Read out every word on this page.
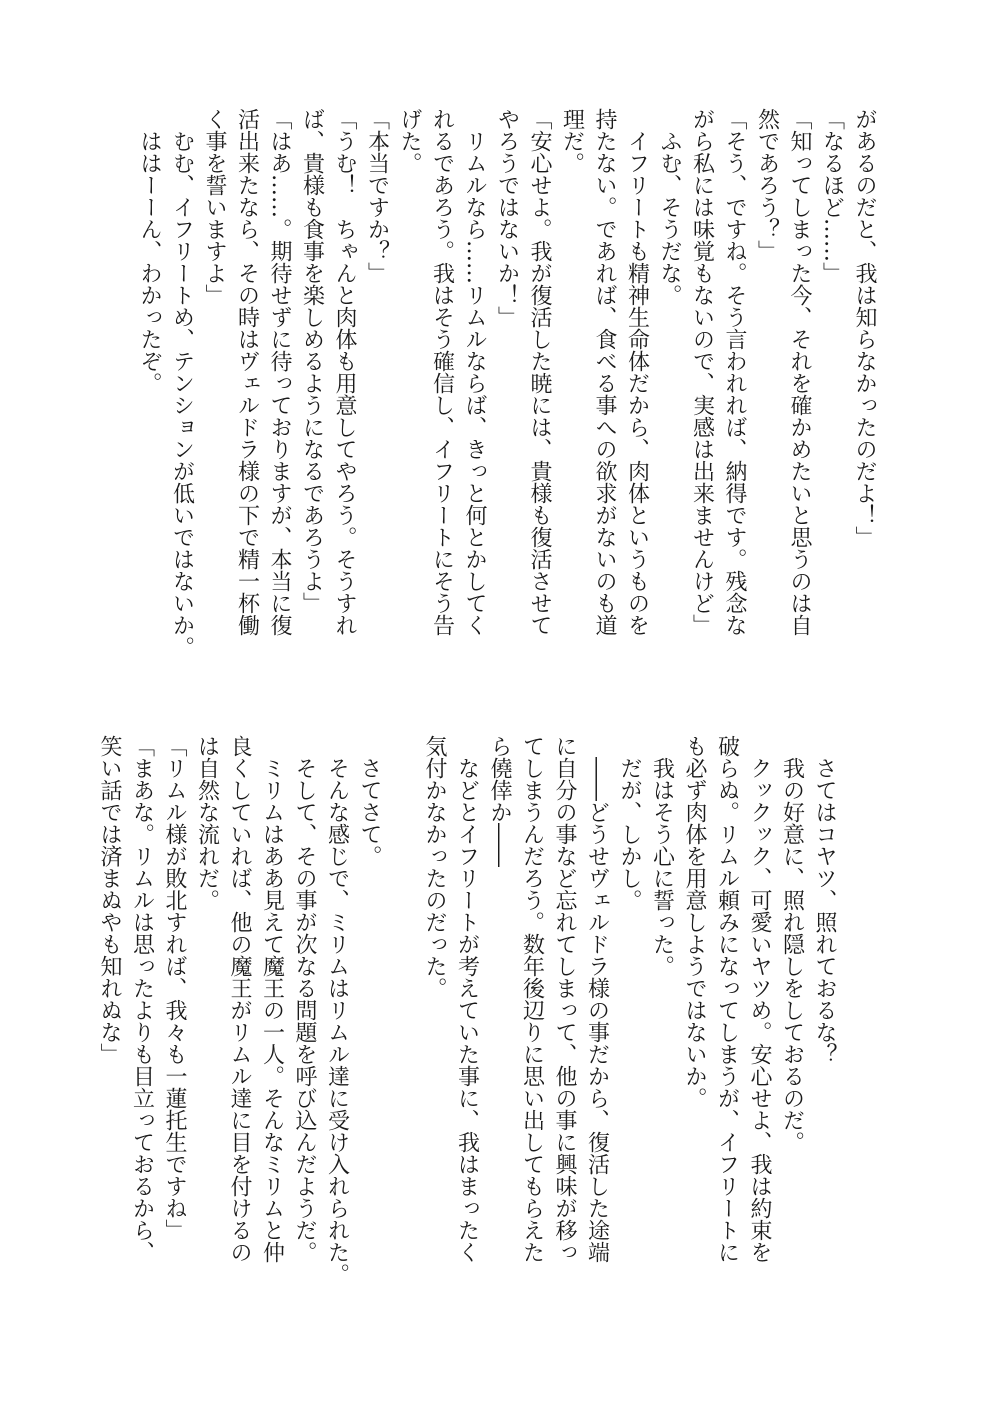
があるのだと、我は知らなかったのだよ！」

「なるほど……」

「知ってしまった今、それを確かめたいと思うのは自

然であろう？」

「そう、ですね。そう言われれば、納得です。残念な

がら私には味覚もないので、実感は出来ませんけど」

　ふむ、そうだな。

　イフリートも精神生命体だから、肉体というものを

持たない。であれば、食べる事への欲求がないのも道

理だ。

「安心せよ。我が復活した暁には、貴様も復活させて

やろうではないか！」

　リムルなら……リムルならば、きっと何とかしてく

れるであろう。我はそう確信し、イフリートにそう告

げた。

「本当ですか？」

「うむ！　ちゃんと肉体も用意してやろう。そうすれ

ば、貴様も食事を楽しめるようになるであろうよ」

「はあ……。期待せずに待っておりますが、本当に復

活出来たなら、その時はヴェルドラ様の下で精一杯働

く事を誓いますよ」

　むむ、イフリートめ、テンションが低いではないか。

　ははーーん、わかったぞ。

　さてはコヤツ、照れておるな？

　我の好意に、照れ隠しをしておるのだ。

　クックック、可愛いヤツめ。安心せよ、我は約束を

破らぬ。リムル頼みになってしまうが、イフリートに

も必ず肉体を用意しようではないか。

　我はそう心に誓った。

　だが、しかし。

　――どうせヴェルドラ様の事だから、復活した途端

に自分の事など忘れてしまって、他の事に興味が移っ

てしまうんだろう。数年後辺りに思い出してもらえた

ら僥倖か――

　などとイフリートが考えていた事に、我はまったく

気付かなかったのだった。

　さてさて。

　そんな感じで、ミリムはリムル達に受け入れられた。

　そして、その事が次なる問題を呼び込んだようだ。

　ミリムはああ見えて魔王の一人。そんなミリムと仲

良くしていれば、他の魔王がリムル達に目を付けるの

は自然な流れだ。

「リムル様が敗北すれば、我々も一蓮托生ですね」

「まあな。リムルは思ったよりも目立っておるから、

笑い話では済まぬやも知れぬな」
